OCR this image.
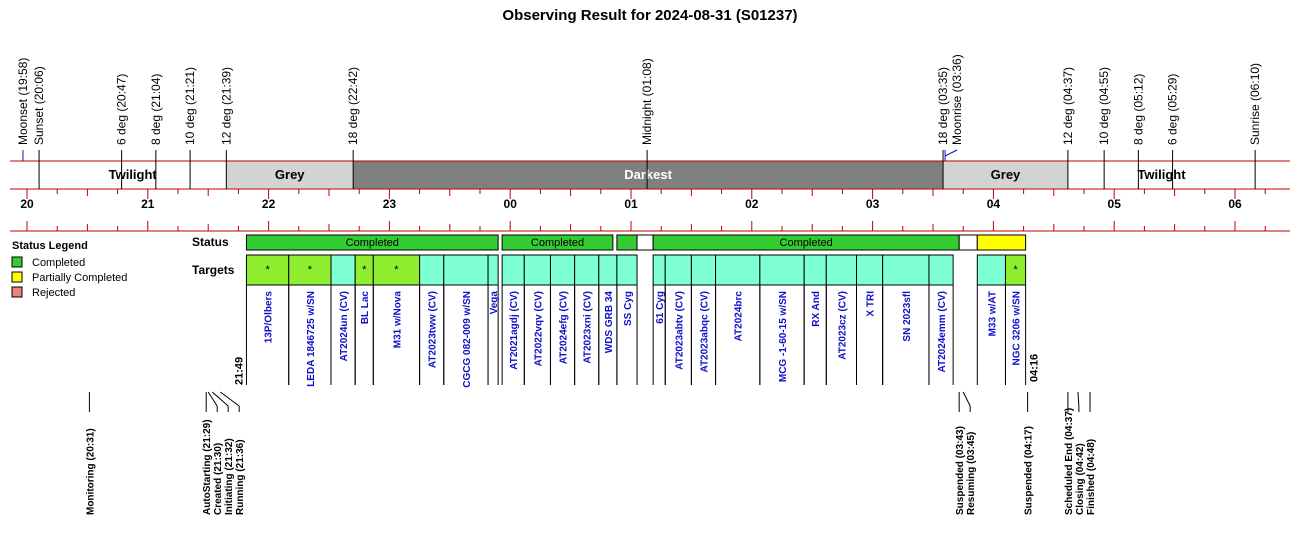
Observing Result for 2024-08-31 (S01237)
Twilight	Grey	Darkest	Grey	Twilight
Moonset (19:58) Sunset (20:06)	6 deg (20:47) 8 deg (21:04) 10 deg (21:21) 12 deg (21:39)	18 deg (22:42)	Midnight (01:08)	18 deg (03:35) Moonrise (03:36)	12 deg (04:37) 10 deg (04:55) 8 deg (05:12) 6 deg (05:29)	Sunrise (06:10)
20	21	22	23	00	01	02	03	04	05	06
Status Legend
Completed
Partially Completed
Rejected
Status
Targets
Completed	Completed	Completed
*
13P/Olbers
*
LEDA 1846725 w/SN AT2024un (CV)
*
BL Lac
*
M31 w/Nova AT2023tww (CV) CGCG 082-009 w/SN Vega AT2021agdj (CV) AT2022vqv (CV) AT2024efg (CV) AT2023xni (CV) WDS GRB 34 SS Cyg 61 Cyg AT2023abtv (CV) AT2023abqc (CV) AT2024brc	MCG -1-60-15 w/SN RX And AT2023cz (CV) X TRI	SN 2023sfl AT2024emm (CV)	M33 w/AT
*
NGC 3206 w/SN
21:49	04:16
Monitoring (20:31)	AutoStarting (21:29) Created (21:30) Initiating (21:32) Running (21:36)	Suspended (03:43) Resuming (03:45)	Suspended (04:17)	Scheduled End (04:37) Closing (04:42) Finished (04:48)
